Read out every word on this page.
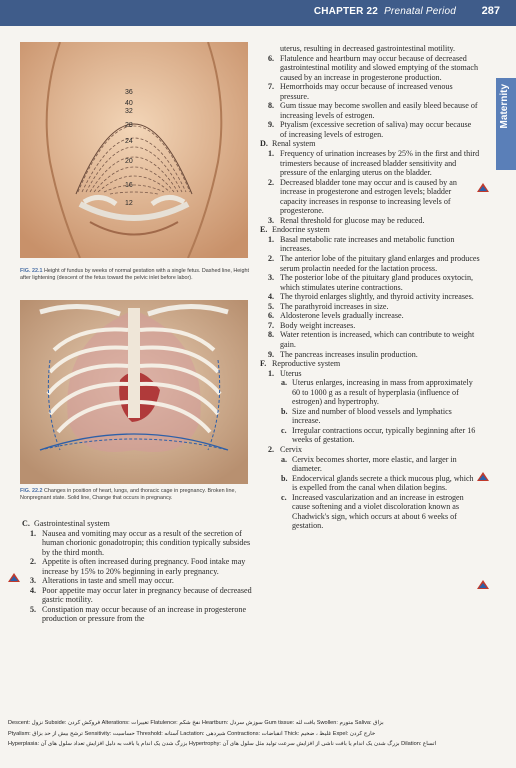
CHAPTER 22 Prenatal Period 287
Maternity
36
40
32
28
24
20
16
12
FIG. 22.1 Height of fundus by weeks of normal gestation with a single fetus. Dashed line, Height after lightening (descent of the fetus toward the pelvic inlet before labor).
FIG. 22.2 Changes in position of heart, lungs, and thoracic cage in pregnancy. Broken line, Nonpregnant state. Solid line, Change that occurs in pregnancy.
C. Gastrointestinal system
1. Nausea and vomiting may occur as a result of the secretion of human chorionic gonadotropin; this condition typically subsides by the third month.
2. Appetite is often increased during pregnancy. Food intake may increase by 15% to 20% beginning in early pregnancy.
3. Alterations in taste and smell may occur.
4. Poor appetite may occur later in pregnancy because of decreased gastric motility.
5. Constipation may occur because of an increase in progesterone production or pressure from the
uterus, resulting in decreased gastrointestinal motility.
6. Flatulence and heartburn may occur because of decreased gastrointestinal motility and slowed emptying of the stomach caused by an increase in progesterone production.
7. Hemorrhoids may occur because of increased venous pressure.
8. Gum tissue may become swollen and easily bleed because of increasing levels of estrogen.
9. Ptyalism (excessive secretion of saliva) may occur because of increasing levels of estrogen.
D. Renal system
1. Frequency of urination increases by 25% in the first and third trimesters because of increased bladder sensitivity and pressure of the enlarging uterus on the bladder.
2. Decreased bladder tone may occur and is caused by an increase in progesterone and estrogen levels; bladder capacity increases in response to increasing levels of progesterone.
3. Renal threshold for glucose may be reduced.
E. Endocrine system
1. Basal metabolic rate increases and metabolic function increases.
2. The anterior lobe of the pituitary gland enlarges and produces serum prolactin needed for the lactation process.
3. The posterior lobe of the pituitary gland produces oxytocin, which stimulates uterine contractions.
4. The thyroid enlarges slightly, and thyroid activity increases.
5. The parathyroid increases in size.
6. Aldosterone levels gradually increase.
7. Body weight increases.
8. Water retention is increased, which can contribute to weight gain.
9. The pancreas increases insulin production.
F. Reproductive system
1. Uterus
a. Uterus enlarges, increasing in mass from approximately 60 to 1000 g as a result of hyperplasia (influence of estrogen) and hypertrophy.
b. Size and number of blood vessels and lymphatics increase.
c. Irregular contractions occur, typically beginning after 16 weeks of gestation.
2. Cervix
a. Cervix becomes shorter, more elastic, and larger in diameter.
b. Endocervical glands secrete a thick mucous plug, which is expelled from the canal when dilation begins.
c. Increased vascularization and an increase in estrogen cause softening and a violet discoloration known as Chadwick's sign, which occurs at about 6 weeks of gestation.
Descent: نزول Subside: فروکش کردن Alterations: تغییرات Flatulence: نفخ شکم Heartburn: سوزش سردل Gum tissue: بافت لثه Swollen: متورم Saliva: بزاق
Ptyalism: ترشح بیش از حد بزاق Sensitivity: حساسیت Threshold: آستانه Lactation: شیردهی Contractions: انقباضات Thick: غلیظ ، ضخیم Expel: خارج کردن
Hyperplasia: بزرگ شدن یک اندام یا بافت به دلیل افزایش تعداد سلول های آن Hypertrophy: بزرگ شدن یک اندام یا بافت ناشی از افزایش سرعت تولید مثل سلول های آن Dilation: اتساع
